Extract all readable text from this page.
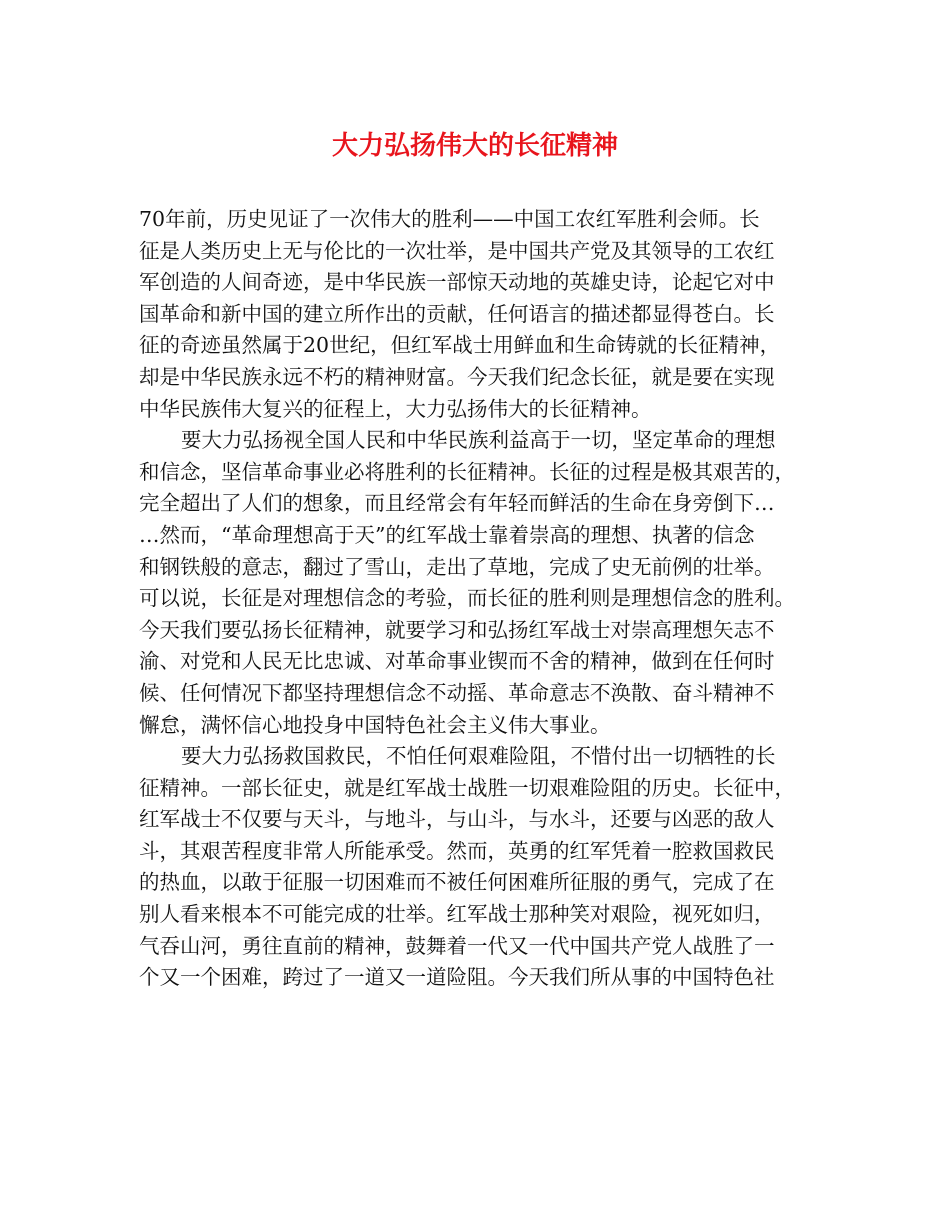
大力弘扬伟大的长征精神
70年前，历史见证了一次伟大的胜利——中国工农红军胜利会师。长
征是人类历史上无与伦比的一次壮举，是中国共产党及其领导的工农红
军创造的人间奇迹，是中华民族一部惊天动地的英雄史诗，论起它对中
国革命和新中国的建立所作出的贡献，任何语言的描述都显得苍白。长
征的奇迹虽然属于20世纪，但红军战士用鲜血和生命铸就的长征精神，
却是中华民族永远不朽的精神财富。今天我们纪念长征，就是要在实现
中华民族伟大复兴的征程上，大力弘扬伟大的长征精神。
要大力弘扬视全国人民和中华民族利益高于一切，坚定革命的理想
和信念，坚信革命事业必将胜利的长征精神。长征的过程是极其艰苦的，
完全超出了人们的想象，而且经常会有年轻而鲜活的生命在身旁倒下…
…然而，“革命理想高于天”的红军战士靠着崇高的理想、执著的信念
和钢铁般的意志，翻过了雪山，走出了草地，完成了史无前例的壮举。
可以说，长征是对理想信念的考验，而长征的胜利则是理想信念的胜利。
今天我们要弘扬长征精神，就要学习和弘扬红军战士对崇高理想矢志不
渝、对党和人民无比忠诚、对革命事业锲而不舍的精神，做到在任何时
候、任何情况下都坚持理想信念不动摇、革命意志不涣散、奋斗精神不
懈怠，满怀信心地投身中国特色社会主义伟大事业。
要大力弘扬救国救民，不怕任何艰难险阻，不惜付出一切牺牲的长
征精神。一部长征史，就是红军战士战胜一切艰难险阻的历史。长征中，
红军战士不仅要与天斗，与地斗，与山斗，与水斗，还要与凶恶的敌人
斗，其艰苦程度非常人所能承受。然而，英勇的红军凭着一腔救国救民
的热血，以敢于征服一切困难而不被任何困难所征服的勇气，完成了在
别人看来根本不可能完成的壮举。红军战士那种笑对艰险，视死如归，
气吞山河，勇往直前的精神，鼓舞着一代又一代中国共产党人战胜了一
个又一个困难，跨过了一道又一道险阻。今天我们所从事的中国特色社
